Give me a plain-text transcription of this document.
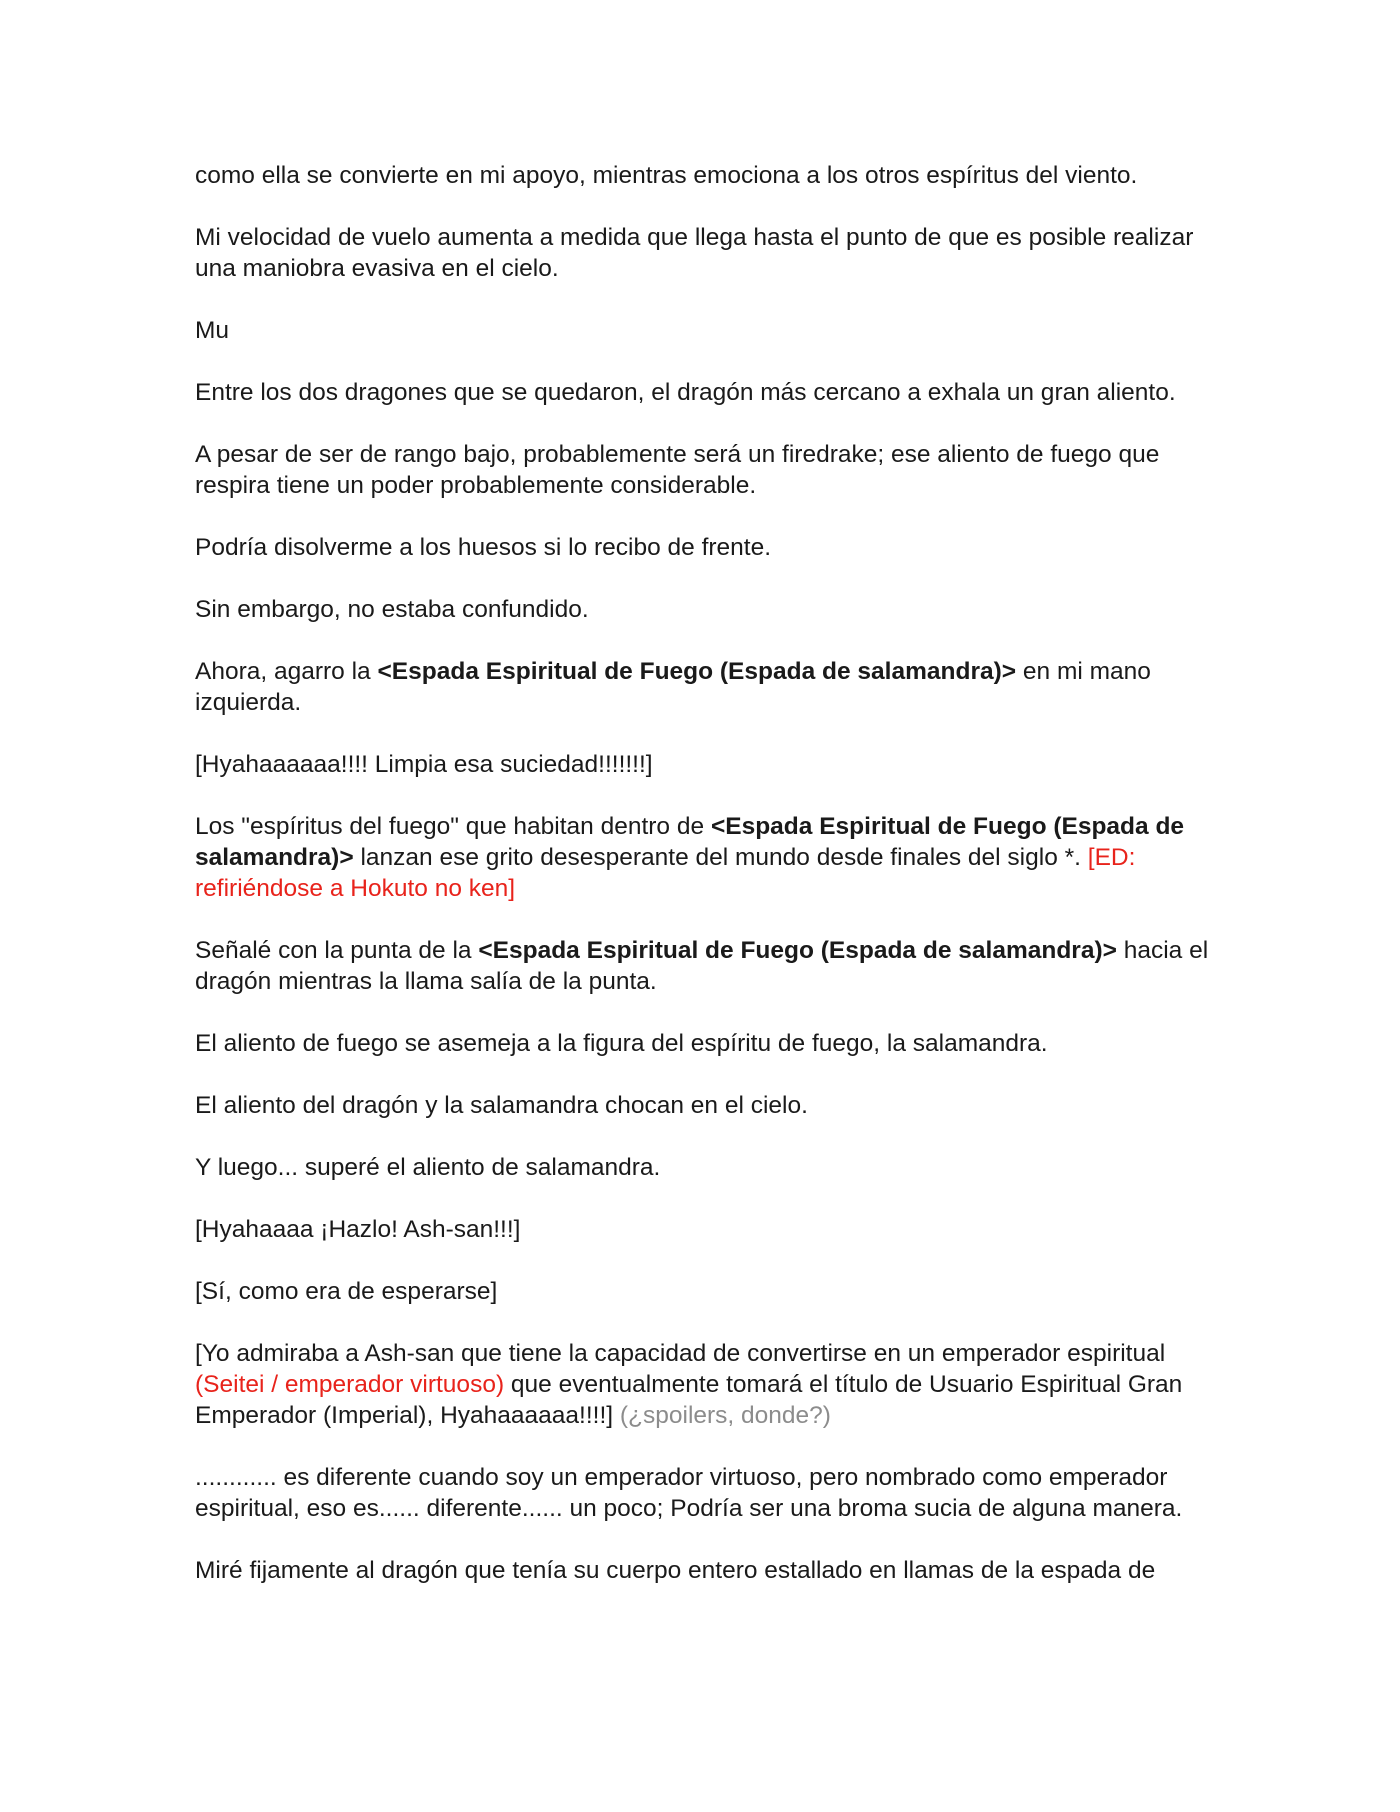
como ella se convierte en mi apoyo, mientras emociona a los otros espíritus del viento.

Mi velocidad de vuelo aumenta a medida que llega hasta el punto de que es posible realizar una maniobra evasiva en el cielo.

Mu

Entre los dos dragones que se quedaron, el dragón más cercano a exhala un gran aliento.

A pesar de ser de rango bajo, probablemente será un firedrake; ese aliento de fuego que respira tiene un poder probablemente considerable.

Podría disolverme a los huesos si lo recibo de frente.

Sin embargo, no estaba confundido.

Ahora, agarro la <Espada Espiritual de Fuego (Espada de salamandra)> en mi mano izquierda.

[Hyahaaaaaa!!!! Limpia esa suciedad!!!!!!!]

Los "espíritus del fuego" que habitan dentro de <Espada Espiritual de Fuego (Espada de salamandra)> lanzan ese grito desesperante del mundo desde finales del siglo *. [ED: refiriéndose a Hokuto no ken]

Señalé con la punta de la <Espada Espiritual de Fuego (Espada de salamandra)> hacia el dragón mientras la llama salía de la punta.

El aliento de fuego se asemeja a la figura del espíritu de fuego, la salamandra.

El aliento del dragón y la salamandra chocan en el cielo.

Y luego... superé el aliento de salamandra.

[Hyahaaaa ¡Hazlo! Ash-san!!!]

[Sí, como era de esperarse]

[Yo admiraba a Ash-san que tiene la capacidad de convertirse en un emperador espiritual (Seitei / emperador virtuoso) que eventualmente tomará el título de Usuario Espiritual Gran Emperador (Imperial), Hyahaaaaaa!!!!] (¿spoilers, donde?)

............ es diferente cuando soy un emperador virtuoso, pero nombrado como emperador espiritual, eso es...... diferente...... un poco; Podría ser una broma sucia de alguna manera.

Miré fijamente al dragón que tenía su cuerpo entero estallado en llamas de la espada de
